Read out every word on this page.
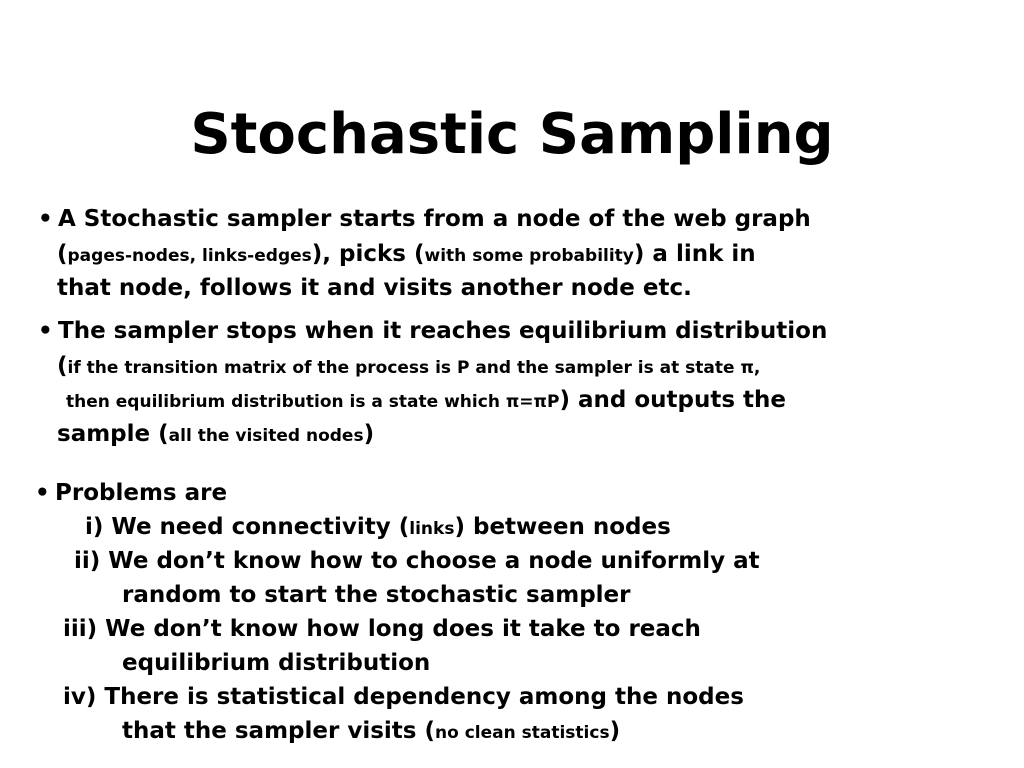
Stochastic Sampling
• A Stochastic sampler starts from a node of the web graph
(pages-nodes, links-edges), picks (with some probability) a link in
that node, follows it and visits another node etc.
• The sampler stops when it reaches equilibrium distribution
(if the transition matrix of the process is P and the sampler is at state π,
then equilibrium distribution is a state which π=πP) and outputs the
sample (all the visited nodes)
• Problems are
i) We need connectivity (links) between nodes
ii) We don’t know how to choose a node uniformly at
random to start the stochastic sampler
iii) We don’t know how long does it take to reach
equilibrium distribution
iv) There is statistical dependency among the nodes
that the sampler visits (no clean statistics)
